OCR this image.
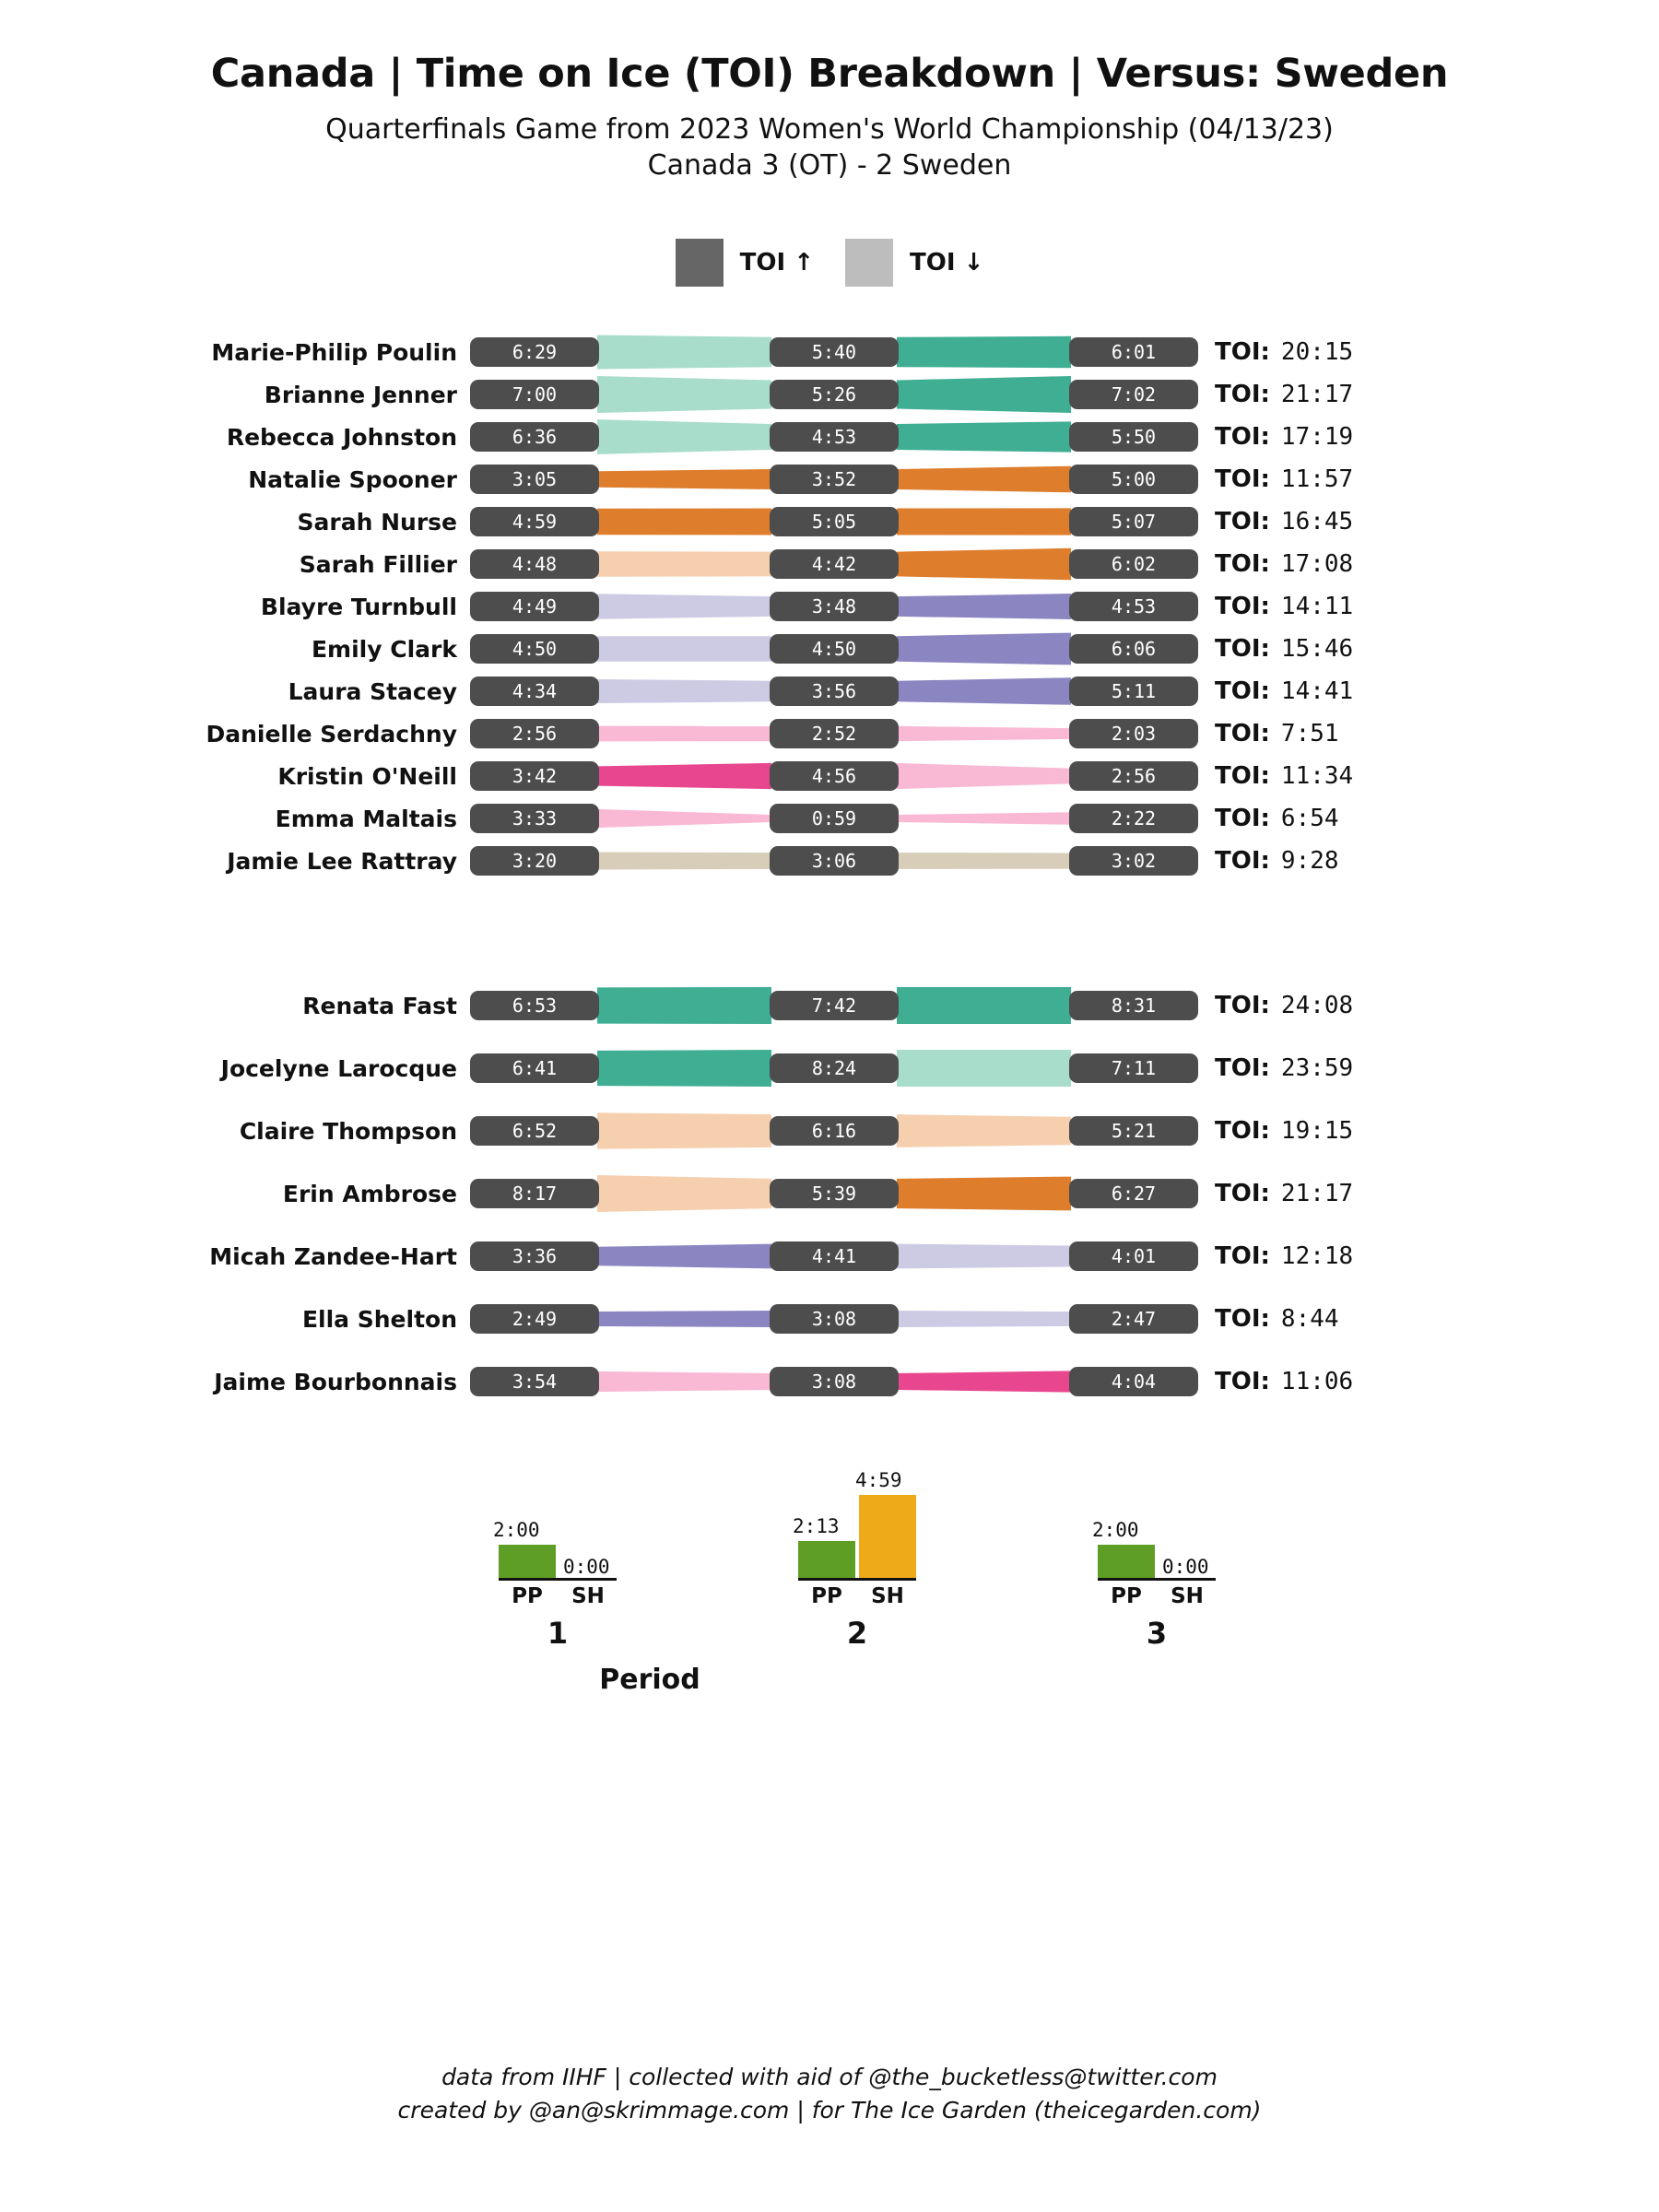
Canada | Time on Ice (TOI) Breakdown | Versus: Sweden
Quarterfinals Game from 2023 Women's World Championship (04/13/23)
Canada 3 (OT) - 2 Sweden
TOI ↑	TOI ↓
Marie-Philip Poulin	6:29	5:40	6:01	TOI: 20:15
Brianne Jenner	7:00	5:26	7:02	TOI: 21:17
Rebecca Johnston	6:36	4:53	5:50	TOI: 17:19
Natalie Spooner	3:05	3:52	5:00	TOI: 11:57
Sarah Nurse	4:59	5:05	5:07	TOI: 16:45
Sarah Fillier	4:48	4:42	6:02	TOI: 17:08
Blayre Turnbull	4:49	3:48	4:53	TOI: 14:11
Emily Clark	4:50	4:50	6:06	TOI: 15:46
Laura Stacey	4:34	3:56	5:11	TOI: 14:41
Danielle Serdachny	2:56	2:52	2:03	TOI: 7:51
Kristin O'Neill	3:42	4:56	2:56	TOI: 11:34
Emma Maltais	3:33	0:59	2:22	TOI: 6:54
Jamie Lee Rattray	3:20	3:06	3:02	TOI: 9:28
Renata Fast	6:53	7:42	8:31	TOI: 24:08
Jocelyne Larocque	6:41	8:24	7:11	TOI: 23:59
Claire Thompson	6:52	6:16	5:21	TOI: 19:15
Erin Ambrose	8:17	5:39	6:27	TOI: 21:17
Micah Zandee-Hart	3:36	4:41	4:01	TOI: 12:18
Ella Shelton	2:49	3:08	2:47	TOI: 8:44
Jaime Bourbonnais	3:54	3:08	4:04	TOI: 11:06
2:00
0:00
PP	SH
1
2:13
4:59
PP	SH
2
2:00
0:00
PP	SH
3
Period
data from IIHF | collected with aid of @the_bucketless@twitter.com
created by @an@skrimmage.com | for The Ice Garden (theicegarden.com)
